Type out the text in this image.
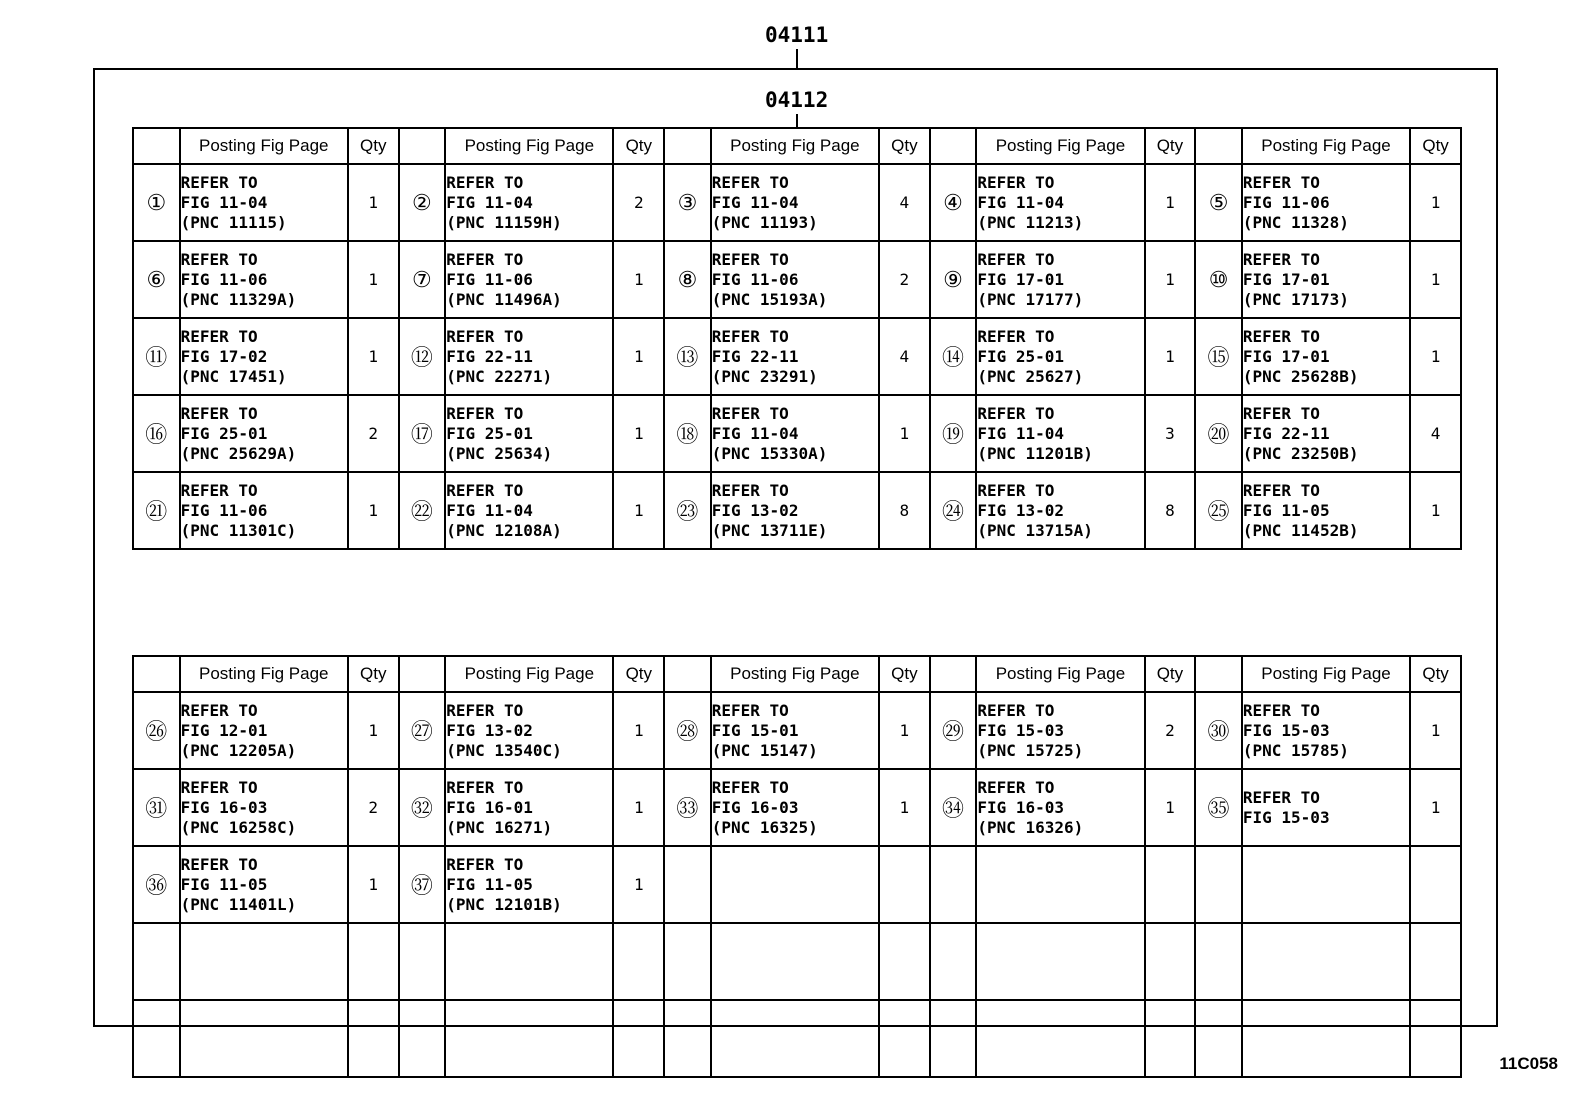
04111
04112
	Posting Fig Page	Qty		Posting Fig Page	Qty		Posting Fig Page	Qty		Posting Fig Page	Qty		Posting Fig Page	Qty
①	REFER TO
FIG 11-04
(PNC 11115)	1	②	REFER TO
FIG 11-04
(PNC 11159H)	2	③	REFER TO
FIG 11-04
(PNC 11193)	4	④	REFER TO
FIG 11-04
(PNC 11213)	1	⑤	REFER TO
FIG 11-06
(PNC 11328)	1
⑥	REFER TO
FIG 11-06
(PNC 11329A)	1	⑦	REFER TO
FIG 11-06
(PNC 11496A)	1	⑧	REFER TO
FIG 11-06
(PNC 15193A)	2	⑨	REFER TO
FIG 17-01
(PNC 17177)	1	⑩	REFER TO
FIG 17-01
(PNC 17173)	1
⑪	REFER TO
FIG 17-02
(PNC 17451)	1	⑫	REFER TO
FIG 22-11
(PNC 22271)	1	⑬	REFER TO
FIG 22-11
(PNC 23291)	4	⑭	REFER TO
FIG 25-01
(PNC 25627)	1	⑮	REFER TO
FIG 17-01
(PNC 25628B)	1
⑯	REFER TO
FIG 25-01
(PNC 25629A)	2	⑰	REFER TO
FIG 25-01
(PNC 25634)	1	⑱	REFER TO
FIG 11-04
(PNC 15330A)	1	⑲	REFER TO
FIG 11-04
(PNC 11201B)	3	⑳	REFER TO
FIG 22-11
(PNC 23250B)	4
㉑	REFER TO
FIG 11-06
(PNC 11301C)	1	㉒	REFER TO
FIG 11-04
(PNC 12108A)	1	㉓	REFER TO
FIG 13-02
(PNC 13711E)	8	㉔	REFER TO
FIG 13-02
(PNC 13715A)	8	㉕	REFER TO
FIG 11-05
(PNC 11452B)	1
	Posting Fig Page	Qty		Posting Fig Page	Qty		Posting Fig Page	Qty		Posting Fig Page	Qty		Posting Fig Page	Qty
㉖	REFER TO
FIG 12-01
(PNC 12205A)	1	㉗	REFER TO
FIG 13-02
(PNC 13540C)	1	㉘	REFER TO
FIG 15-01
(PNC 15147)	1	㉙	REFER TO
FIG 15-03
(PNC 15725)	2	㉚	REFER TO
FIG 15-03
(PNC 15785)	1
㉛	REFER TO
FIG 16-03
(PNC 16258C)	2	㉜	REFER TO
FIG 16-01
(PNC 16271)	1	㉝	REFER TO
FIG 16-03
(PNC 16325)	1	㉞	REFER TO
FIG 16-03
(PNC 16326)	1	㉟	REFER TO
FIG 15-03	1
㊱	REFER TO
FIG 11-05
(PNC 11401L)	1	㊲	REFER TO
FIG 11-05
(PNC 12101B)	1									

11C058
